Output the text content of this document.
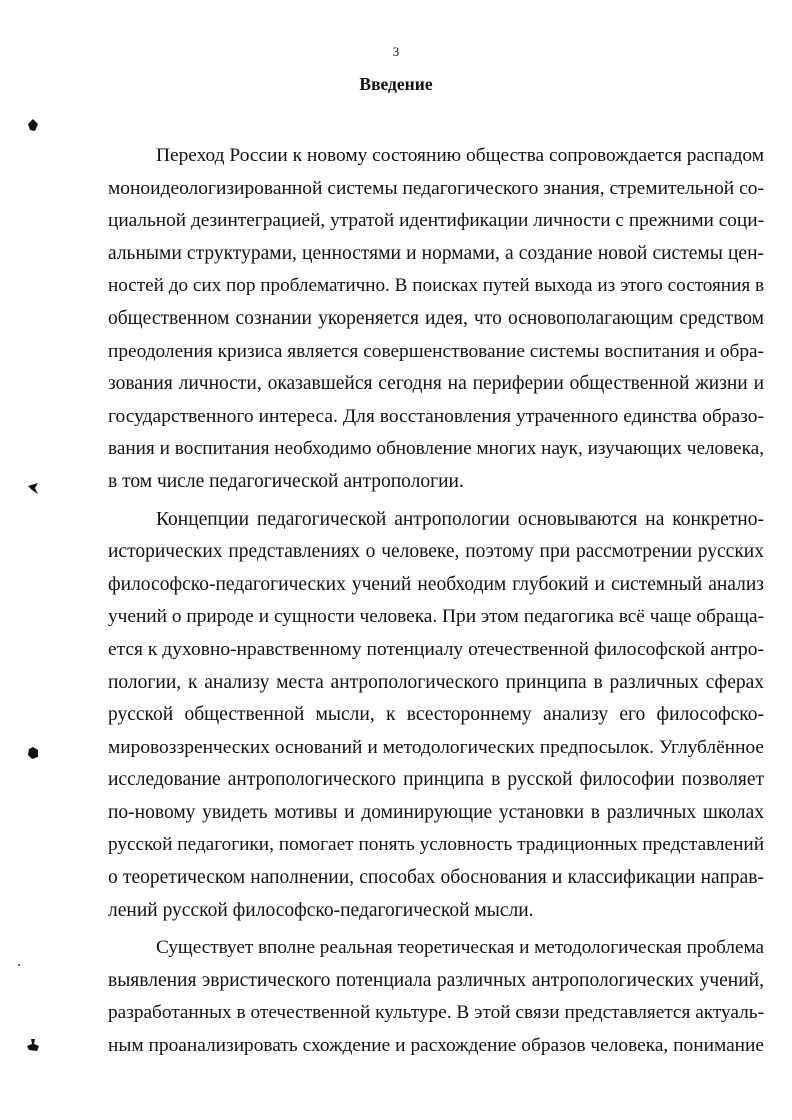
3
Введение

Переход России к новому состоянию общества сопровождается распадом
моноидеологизированной системы педагогического знания, стремительной со-
циальной дезинтеграцией, утратой идентификации личности с прежними соци-
альными структурами, ценностями и нормами, а создание новой системы цен-
ностей до сих пор проблематично. В поисках путей выхода из этого состояния в
общественном сознании укореняется идея, что основополагающим средством
преодоления кризиса является совершенствование системы воспитания и обра-
зования личности, оказавшейся сегодня на периферии общественной жизни и
государственного интереса. Для восстановления утраченного единства образо-
вания и воспитания необходимо обновление многих наук, изучающих человека,
в том числе педагогической антропологии.

Концепции педагогической антропологии основываются на конкретно-
исторических представлениях о человеке, поэтому при рассмотрении русских
философско-педагогических учений необходим глубокий и системный анализ
учений о природе и сущности человека. При этом педагогика всё чаще обраща-
ется к духовно-нравственному потенциалу отечественной философской антро-
пологии, к анализу места антропологического принципа в различных сферах
русской общественной мысли, к всестороннему анализу его философско-
мировоззренческих оснований и методологических предпосылок. Углублённое
исследование антропологического принципа в русской философии позволяет
по-новому увидеть мотивы и доминирующие установки в различных школах
русской педагогики, помогает понять условность традиционных представлений
о теоретическом наполнении, способах обоснования и классификации направ-
лений русской философско-педагогической мысли.

Существует вполне реальная теоретическая и методологическая проблема
выявления эвристического потенциала различных антропологических учений,
разработанных в отечественной культуре. В этой связи представляется актуаль-
ным проанализировать схождение и расхождение образов человека, понимание
